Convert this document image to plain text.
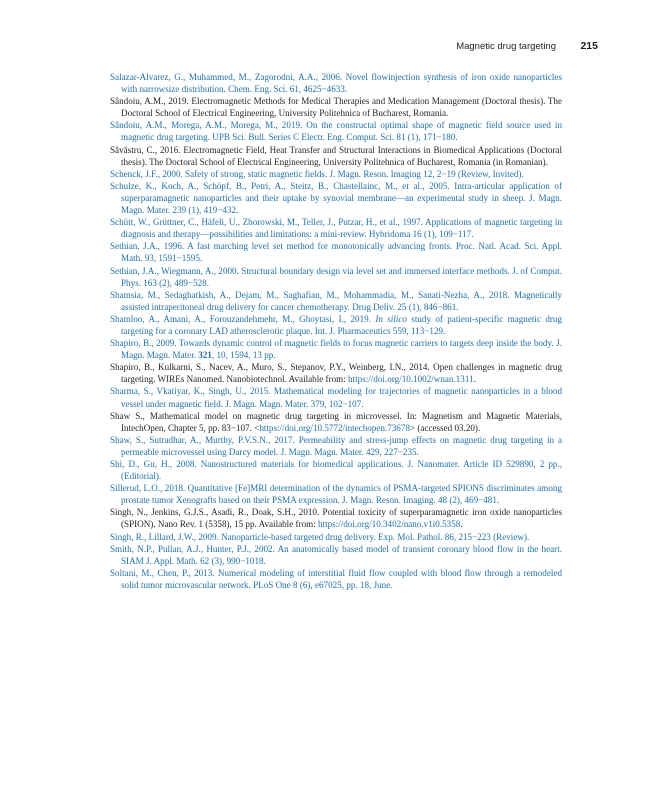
Magnetic drug targeting 215
Salazar-Alvarez, G., Muhammed, M., Zagorodni, A.A., 2006. Novel flowinjection synthesis of iron oxide nanoparticles with narrowsize distribution. Chem. Eng. Sci. 61, 4625−4633.
Sândoiu, A.M., 2019. Electromagnetic Methods for Medical Therapies and Medication Management (Doctoral thesis). The Doctoral School of Electrical Engineering, University Politehnica of Bucharest, Romania.
Sândoiu, A.M., Morega, A.M., Morega, M., 2019. On the constructal optimal shape of magnetic field source used in magnetic drug targeting. UPB Sci. Bull. Series C Electr. Eng. Comput. Sci. 81 (1), 171−180.
Săvăstru, C., 2016. Electromagnetic Field, Heat Transfer and Structural Interactions in Biomedical Applications (Doctoral thesis). The Doctoral School of Electrical Engineering, University Politehnica of Bucharest, Romania (in Romanian).
Schenck, J.F., 2000. Safety of strong, static magnetic fields. J. Magn. Reson. Imaging 12, 2−19 (Review, Invited).
Schulze, K., Koch, A., Schöpf, B., Petri, A., Steitz, B., Chastellainc, M., et al., 2005. Intra-articular application of superparamagnetic nanoparticles and their uptake by synovial membrane—an experimental study in sheep. J. Magn. Magn. Mater. 239 (1), 419−432.
Schütt, W., Grüttner, C., Häfeli, U., Zborowski, M., Teller, J., Putzar, H., et al., 1997. Applications of magnetic targeting in diagnosis and therapy—possibilities and limitations: a mini-review. Hybridoma 16 (1), 109−117.
Sethian, J.A., 1996. A fast marching level set method for monotonically advancing fronts. Proc. Natl. Acad. Sci. Appl. Math. 93, 1591−1595.
Sethian, J.A., Wiegmann, A., 2000. Structural boundary design via level set and immersed interface methods. J. of Comput. Phys. 163 (2), 489−528.
Shamsia, M., Sedaghatkish, A., Dejam, M., Saghafian, M., Mohammadia, M., Sanati-Nezha, A., 2018. Magnetically assisted intraperitoneal drug delivery for cancer chemotherapy. Drug Deliv. 25 (1), 846−861.
Shamloo, A., Amani, A., Forouzandehmehr, M., Ghoytasi, I., 2019. In silico study of patient-specific magnetic drug targeting for a coronary LAD atherosclerotic plaque. Int. J. Pharmaceutics 559, 113−129.
Shapiro, B., 2009. Towards dynamic control of magnetic fields to focus magnetic carriers to targets deep inside the body. J. Magn. Magn. Mater. 321, 10, 1594, 13 pp.
Shapiro, B., Kulkarni, S., Nacev, A., Muro, S., Stepanov, P.Y., Weinberg, I.N., 2014. Open challenges in magnetic drug targeting. WIREs Nanomed. Nanobiotechnol. Available from: https://doi.org/10.1002/wnan.1311.
Sharma, S., Vkatiyar, K., Singh, U., 2015. Mathematical modeling for trajectories of magnetic nanoparticles in a blood vessel under magnetic field. J. Magn. Magn. Mater. 379, 102−107.
Shaw S., Mathematical model on magnetic drug targeting in microvessel. In: Magnetism and Magnetic Materials, IntechOpen, Chapter 5, pp. 83−107. <https://doi.org/10.5772/intechopen.73678> (accessed 03.20).
Shaw, S., Sutradhar, A., Murthy, P.V.S.N., 2017. Permeability and stress-jump effects on magnetic drug targeting in a permeable microvessel using Darcy model. J. Magn. Magn. Mater. 429, 227−235.
Shi, D., Gu, H., 2008. Nanostructured materials for biomedical applications. J. Nanomater. Article ID 529890, 2 pp., (Editorial).
Sillerud, L.O., 2018. Quantitative [Fe]MRI determination of the dynamics of PSMA-targeted SPIONS discriminates among prostate tumor Xenografts based on their PSMA expression. J. Magn. Reson. Imaging. 48 (2), 469−481.
Singh, N., Jenkins, G.J.S., Asadi, R., Doak, S.H., 2010. Potential toxicity of superparamagnetic iron oxide nanoparticles (SPION). Nano Rev. 1 (5358), 15 pp. Available from: https://doi.org/10.3402/nano.v1i0.5358.
Singh, R., Lillard, J.W., 2009. Nanoparticle-based targeted drug delivery. Exp. Mol. Pathol. 86, 215−223 (Review).
Smith, N.P., Pullan, A.J., Hunter, P.J., 2002. An anatomically based model of transient coronary blood flow in the heart. SIAM J. Appl. Math. 62 (3), 990−1018.
Soltani, M., Chen, P., 2013. Numerical modeling of interstitial fluid flow coupled with blood flow through a remodeled solid tumor microvascular network. PLoS One 8 (6), e67025, pp. 18, June.
